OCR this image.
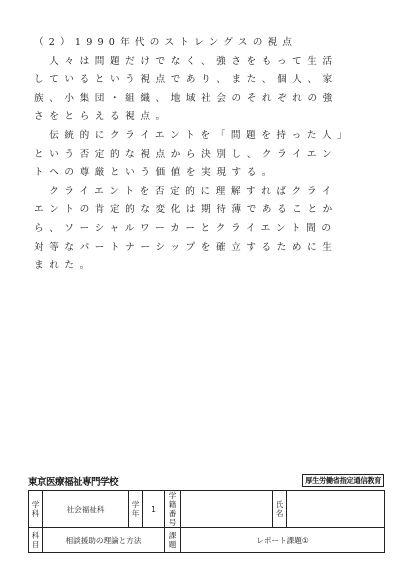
（2）1990年代のストレングスの視点
　人々は問題だけでなく、強さをもって生活
しているという視点であり、また、個人、家
族、小集団・組織、地域社会のそれぞれの強
さをとらえる視点。
　伝統的にクライエントを「問題を持った人」
という否定的な視点から決別し、クライエン
トへの尊厳という価値を実現する。
　クライエントを否定的に理解すればクライ
エントの肯定的な変化は期待薄であることか
ら、ソーシャルワーカーとクライエント間の
対等なパートナーシップを確立するために生
まれた。
東京医療福祉専門学校	厚生労働省指定通信教育
学科	社会福祉科	学年	1	学籍番号		氏名	
科目	相談援助の理論と方法			課題	レポート課題①		
